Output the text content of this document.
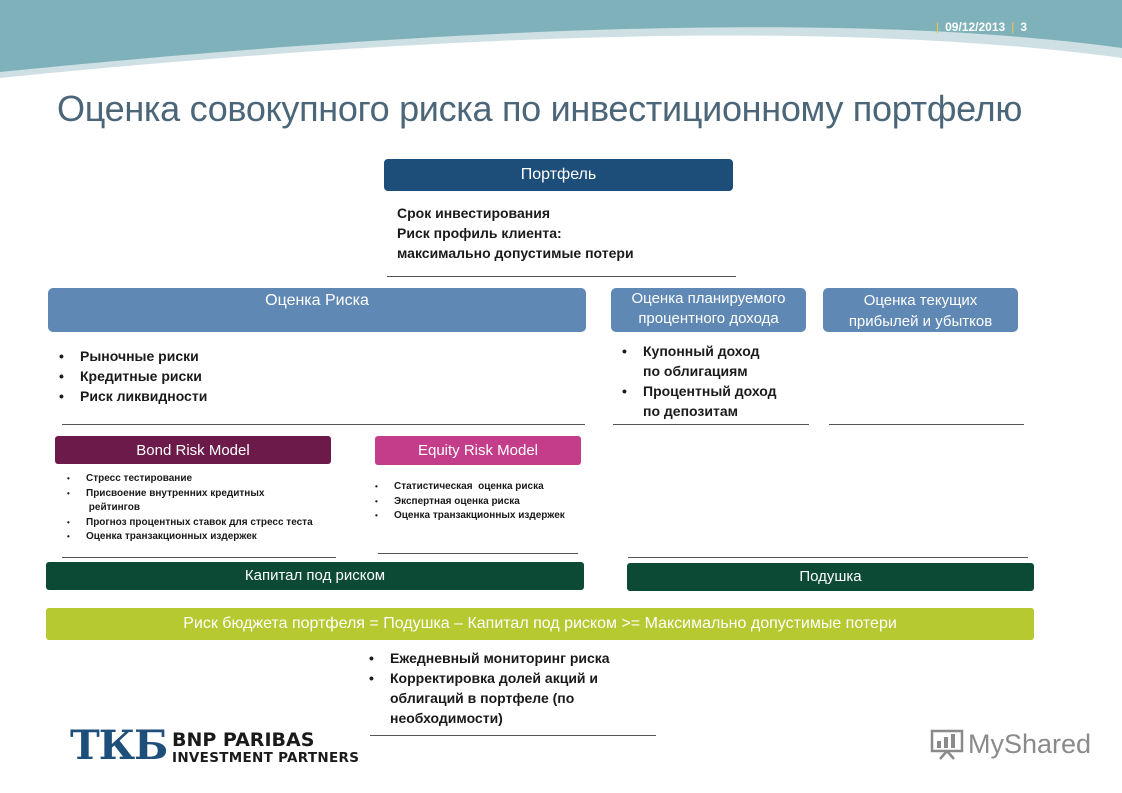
| 09/12/2013 | 3
Оценка совокупного риска по инвестиционному портфелю
Портфель
Срок инвестирования
Риск профиль клиента:
максимально допустимые потери
Оценка Риска
• Рыночные риски
• Кредитные риски
• Риск ликвидности
Оценка планируемого
процентного дохода
• Купонный доход
по облигациям
• Процентный доход
по депозитам
Оценка текущих
прибылей и убытков
Bond Risk Model
• Стресс тестирование
• Присвоение внутренних кредитных
рейтингов
• Прогноз процентных ставок для стресс теста
• Оценка транзакционных издержек
Equity Risk Model
• Статистическая  оценка риска
• Экспертная оценка риска
• Оценка транзакционных издержек
Капитал под риском	Подушка
Риск бюджета портфеля = Подушка – Капитал под риском >= Максимально допустимые потери
• Ежедневный мониторинг риска
• Корректировка долей акций и
облигаций в портфеле (по
необходимости)
ТКБ BNP PARIBAS
INVESTMENT PARTNERS	MyShared
